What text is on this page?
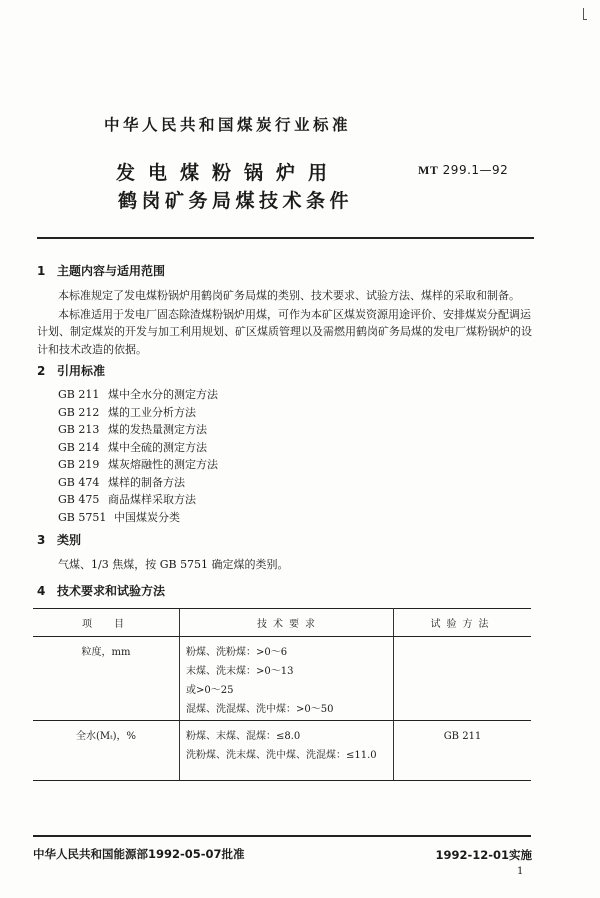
中华人民共和国煤炭行业标准
发电煤粉锅炉用
鹤岗矿务局煤技术条件
MT 299.1—92
1 主题内容与适用范围
本标准规定了发电煤粉锅炉用鹤岗矿务局煤的类别、技术要求、试验方法、煤样的采取和制备。
本标准适用于发电厂固态除渣煤粉锅炉用煤，可作为本矿区煤炭资源用途评价、安排煤炭分配调运
计划、制定煤炭的开发与加工利用规划、矿区煤质管理以及需燃用鹤岗矿务局煤的发电厂煤粉锅炉的设
计和技术改造的依据。
2 引用标准
GB 211 煤中全水分的测定方法
GB 212 煤的工业分析方法
GB 213 煤的发热量测定方法
GB 214 煤中全硫的测定方法
GB 219 煤灰熔融性的测定方法
GB 474 煤样的制备方法
GB 475 商品煤样采取方法
GB 5751 中国煤炭分类
3 类别
气煤、1/3 焦煤，按 GB 5751 确定煤的类别。
4 技术要求和试验方法
项　目	技术要求	试验方法
粒度，mm	粉煤、洗粉煤：>0～6
末煤、洗末煤：>0～13
或>0～25
混煤、洗混煤、洗中煤：>0～50	

全水(Mₜ)，%	粉煤、末煤、混煤：≤8.0
洗粉煤、洗末煤、洗中煤、洗混煤：≤11.0	GB 211
中华人民共和国能源部1992-05-07批准	1992-12-01实施
1
